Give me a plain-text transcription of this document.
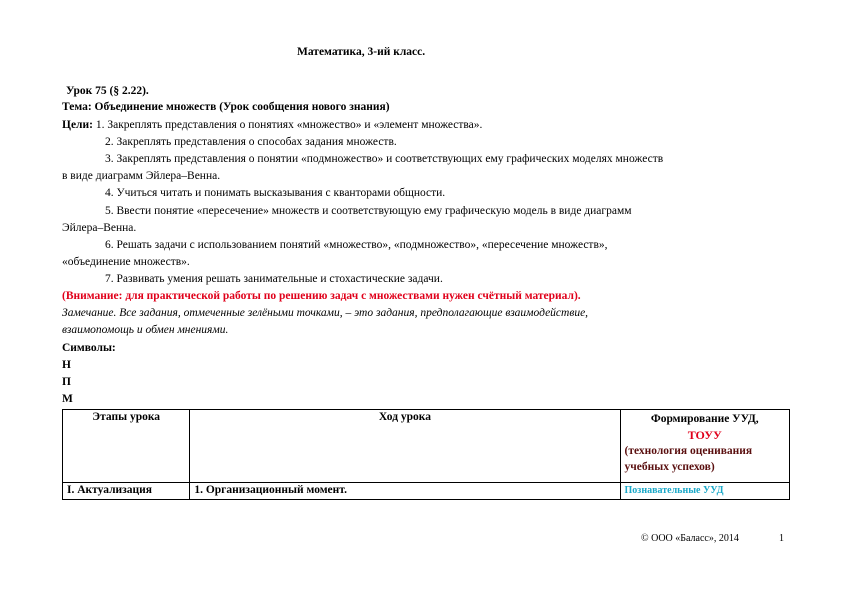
Математика, 3-ий класс.
Урок 75 (§ 2.22).
Тема: Объединение множеств (Урок сообщения нового знания)
Цели: 1. Закреплять представления о понятиях «множество» и «элемент множества».
2. Закреплять представления о способах задания множеств.
3. Закреплять представления о понятии «подмножество» и соответствующих ему графических моделях множеств
в виде диаграмм Эйлера–Венна.
4. Учиться читать и понимать высказывания с кванторами общности.
5. Ввести понятие «пересечение» множеств и соответствующую ему графическую модель в виде диаграмм
Эйлера–Венна.
6. Решать задачи с использованием понятий «множество», «подмножество», «пересечение множеств»,
«объединение множеств».
7. Развивать умения решать занимательные и стохастические задачи.
(Внимание: для практической работы по решению задач с множествами нужен счётный материал).
Замечание. Все задания, отмеченные зелёными точками, – это задания, предполагающие взаимодействие,
взаимопомощь и обмен мнениями.
Символы:
Н
П
М
Этапы урока	Ход урока	Формирование УУД,
ТОУУ
(технология оценивания
учебных успехов)

I. Актуализация	1. Организационный момент.	Познавательные УУД
© ООО «Баласс», 2014	1
